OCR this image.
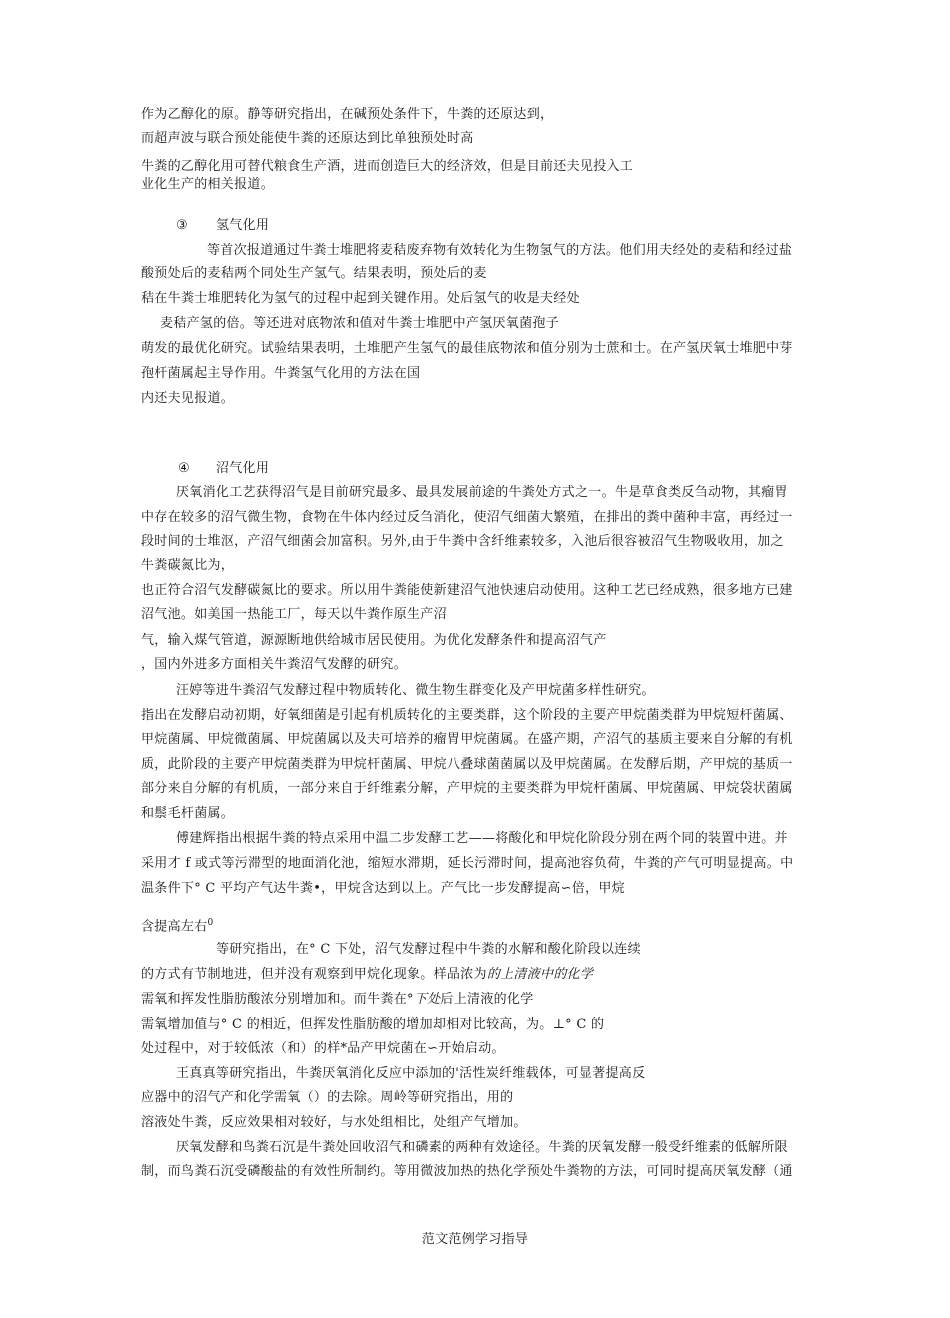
作为乙醇化的原。静等研究指出，在碱预处条件下，牛粪的还原达到，
而超声波与联合预处能使牛粪的还原达到比单独预处时高
牛粪的乙醇化用可替代粮食生产酒，进而创造巨大的经济效，但是目前还夫见投入工
业化生产的相关报道。
③ 氢气化用
等首次报道通过牛粪士堆肥将麦秸废弃物有效转化为生物氢气的方法。他们用夫经处的麦秸和经过盐
酸预处后的麦秸两个同处生产氢气。结果表明，预处后的麦
秸在牛粪士堆肥转化为氢气的过程中起到关键作用。处后氢气的收是夫经处
麦秸产氢的倍。等还进对底物浓和值对牛粪士堆肥中产氢厌氧菌孢子
萌发的最优化研究。试验结果表明，土堆肥产生氢气的最佳底物浓和值分别为士蔗和士。在产氢厌氧士堆肥中芽
孢杆菌属起主导作用。牛粪氢气化用的方法在国
内还夫见报道。
④ 沼气化用
厌氧消化工艺获得沼气是目前研究最多、最具发展前途的牛粪处方式之一。牛是草食类反刍动物，其瘤胃
中存在较多的沼气微生物，食物在牛体内经过反刍消化，使沼气细菌大繁殖，在排出的粪中菌种丰富，再经过一
段时间的士堆沤，产沼气细菌会加富积。另外,由于牛粪中含纤维素较多，入池后很容被沼气生物吸收用，加之
牛粪碳氮比为，
也正符合沼气发酵碳氮比的要求。所以用牛粪能使新建沼气池快速启动使用。这种工艺已经成熟，很多地方已建
沼气池。如美国一热能工厂，每天以牛粪作原生产沼
气，输入煤气管道，源源断地供给城市居民使用。为优化发酵条件和提高沼气产
，国内外进多方面相关牛粪沼气发酵的研究。
汪婷等进牛粪沼气发酵过程中物质转化、微生物生群变化及产甲烷菌多样性研究。
指出在发酵启动初期，好氧细菌是引起有机质转化的主要类群，这个阶段的主要产甲烷菌类群为甲烷短杆菌属、
甲烷菌属、甲烷微菌属、甲烷菌属以及夫可培养的瘤胃甲烷菌属。在盛产期，产沼气的基质主要来自分解的有机
质，此阶段的主要产甲烷菌类群为甲烷杆菌属、甲烷八叠球菌菌属以及甲烷菌属。在发酵后期，产甲烷的基质一
部分来自分解的有机质，一部分来自于纤维素分解，产甲烷的主要类群为甲烷杆菌属、甲烷菌属、甲烷袋状菌属
和鬃毛杆菌属。
傅建辉指出根据牛粪的特点采用中温二步发酵工艺——将酸化和甲烷化阶段分别在两个同的装置中进。并
采用才 f 或式等污滞型的地面消化池，缩短水滞期，延长污滞时间，提高池容负荷，牛粪的产气可明显提高。中
温条件下° C 平均产气达牛粪•，甲烷含达到以上。产气比一步发酵提高∽倍，甲烷
含提高左右$^0$
等研究指出，在° C 下处，沼气发酵过程中牛粪的水解和酸化阶段以连续
的方式有节制地进，但并没有观察到甲烷化现象。样品浓为的上清液中的化学
需氧和挥发性脂肪酸浓分别增加和。而牛粪在°下处后上清液的化学
需氧增加值与° C 的相近，但挥发性脂肪酸的增加却相对比较高，为。⊥° C 的
处过程中，对于较低浓（和）的样*品产甲烷菌在∽开始启动。
王真真等研究指出，牛粪厌氧消化反应中添加的'活性炭纤维载体，可显著提高反
应器中的沼气产和化学需氧（）的去除。周岭等研究指出，用的
溶液处牛粪，反应效果相对较好，与水处组相比，处组产气增加。
厌氧发酵和鸟粪石沉是牛粪处回收沼气和磷素的两种有效途径。牛粪的厌氧发酵一般受纤维素的低解所限
制，而鸟粪石沉受磷酸盐的有效性所制约。等用微波加热的热化学预处牛粪物的方法，可同时提高厌氧发酵（通
范文范例学习指导
